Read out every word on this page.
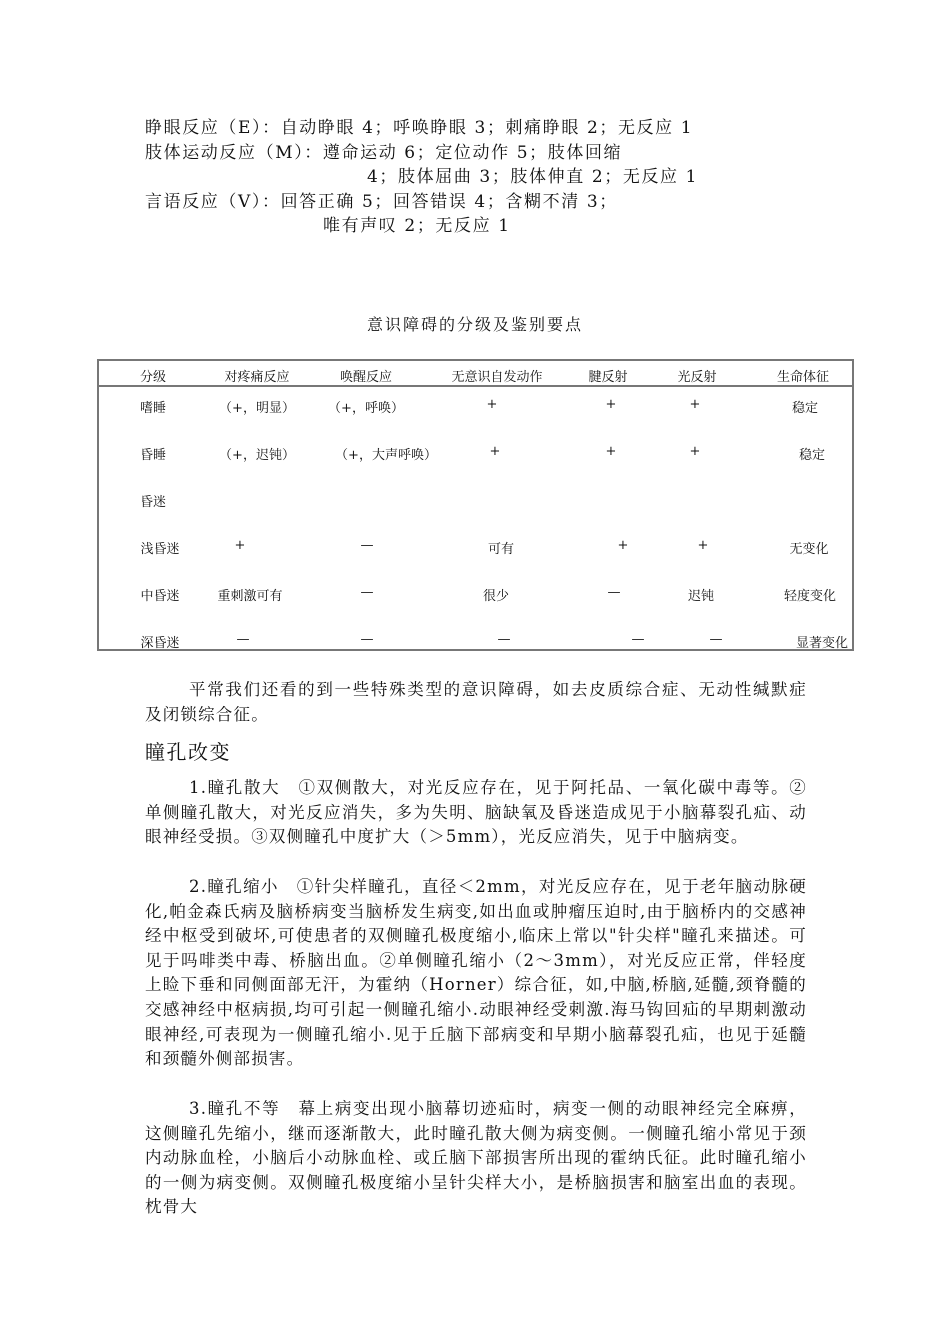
睁眼反应（E）：自动睁眼 4；呼唤睁眼 3；刺痛睁眼 2；无反应 1
肢体运动反应（M）：遵命运动 6；定位动作 5；肢体回缩
4；肢体屈曲 3；肢体伸直 2；无反应 1
言语反应（V）：回答正确 5；回答错误 4；含糊不清 3；
唯有声叹 2；无反应 1
意识障碍的分级及鉴别要点
分级	对疼痛反应	唤醒反应	无意识自发动作	腱反射	光反射	生命体征
嗜睡	（+，明显）	（+，呼唤）	+	+	+	稳定
昏睡	（+，迟钝）	（+，大声呼唤）	+	+	+	稳定
昏迷
浅昏迷	+	—	可有	+	+	无变化
中昏迷	重刺激可有	—	很少	—	迟钝	轻度变化
深昏迷	—	—	—	—	—	显著变化
平常我们还看的到一些特殊类型的意识障碍，如去皮质综合症、无动性缄默症及闭锁综合征。
瞳孔改变
1.瞳孔散大　①双侧散大，对光反应存在，见于阿托品、一氧化碳中毒等。②单侧瞳孔散大，对光反应消失，多为失明、脑缺氧及昏迷造成见于小脑幕裂孔疝、动眼神经受损。③双侧瞳孔中度扩大（＞5mm），光反应消失，见于中脑病变。
2.瞳孔缩小　①针尖样瞳孔，直径＜2mm，对光反应存在，见于老年脑动脉硬化,帕金森氏病及脑桥病变当脑桥发生病变,如出血或肿瘤压迫时,由于脑桥内的交感神经中枢受到破坏,可使患者的双侧瞳孔极度缩小,临床上常以"针尖样"瞳孔来描述。可见于吗啡类中毒、桥脑出血。②单侧瞳孔缩小（2～3mm），对光反应正常，伴轻度上睑下垂和同侧面部无汗，为霍纳（Horner）综合征，如,中脑,桥脑,延髓,颈脊髓的交感神经中枢病损,均可引起一侧瞳孔缩小.动眼神经受刺激.海马钩回疝的早期刺激动眼神经,可表现为一侧瞳孔缩小.见于丘脑下部病变和早期小脑幕裂孔疝，也见于延髓和颈髓外侧部损害。
3.瞳孔不等　幕上病变出现小脑幕切迹疝时，病变一侧的动眼神经完全麻痹，这侧瞳孔先缩小，继而逐渐散大，此时瞳孔散大侧为病变侧。一侧瞳孔缩小常见于颈内动脉血栓，小脑后小动脉血栓、或丘脑下部损害所出现的霍纳氏征。此时瞳孔缩小的一侧为病变侧。双侧瞳孔极度缩小呈针尖样大小，是桥脑损害和脑室出血的表现。枕骨大
